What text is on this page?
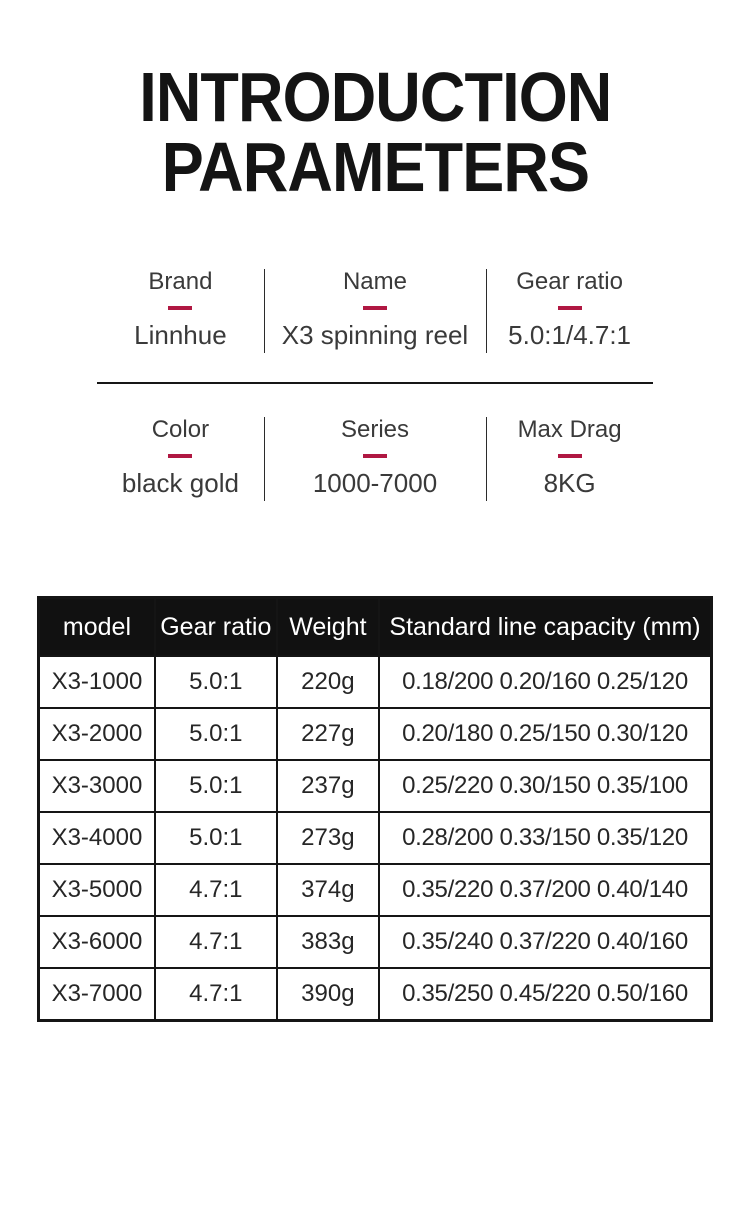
INTRODUCTION
PARAMETERS
Brand
Linnhue
Name
X3 spinning reel
Gear ratio
5.0:1/4.7:1
Color
black gold
Series
1000-7000
Max Drag
8KG
model	Gear ratio	Weight	Standard line capacity (mm)
X3-1000	5.0:1	220g	0.18/200 0.20/160 0.25/120
X3-2000	5.0:1	227g	0.20/180 0.25/150 0.30/120
X3-3000	5.0:1	237g	0.25/220 0.30/150 0.35/100
X3-4000	5.0:1	273g	0.28/200 0.33/150 0.35/120
X3-5000	4.7:1	374g	0.35/220 0.37/200 0.40/140
X3-6000	4.7:1	383g	0.35/240 0.37/220 0.40/160
X3-7000	4.7:1	390g	0.35/250 0.45/220 0.50/160
